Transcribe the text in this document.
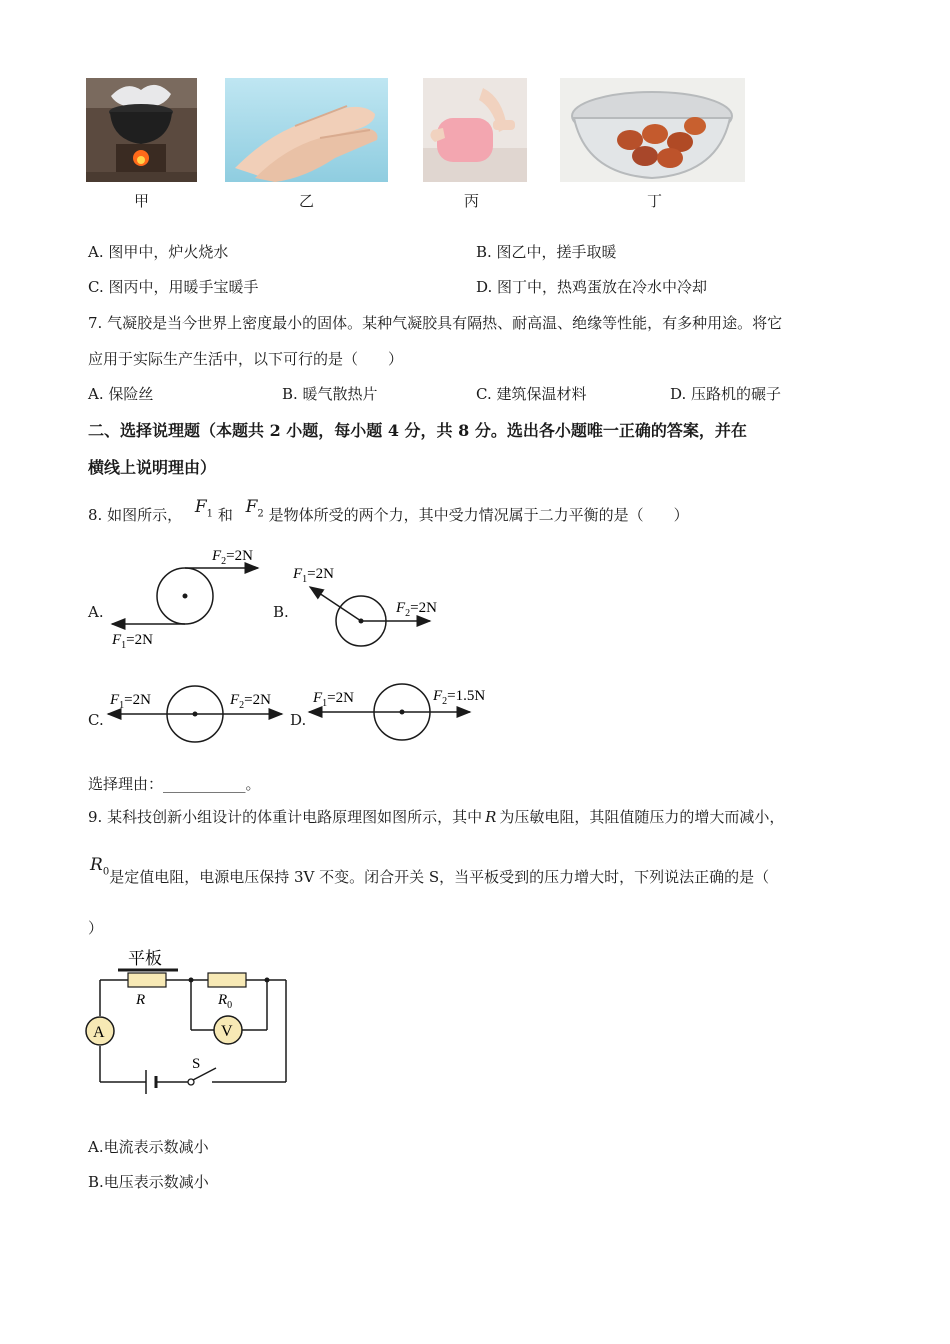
甲	乙	丙	丁
A. 图甲中，炉火烧水	B. 图乙中，搓手取暖
C. 图丙中，用暖手宝暖手	D. 图丁中，热鸡蛋放在冷水中冷却
7. 气凝胶是当今世界上密度最小的固体。某种气凝胶具有隔热、耐高温、绝缘等性能，有多种用途。将它
应用于实际生产生活中，以下可行的是（　　）
A. 保险丝	B. 暖气散热片	C. 建筑保温材料	D. 压路机的碾子
二、选择说理题（本题共 2 小题，每小题 4 分，共 8 分。选出各小题唯一正确的答案，并在
横线上说明理由）
8. 如图所示， $F_1$ 和 $F_2$ 是物体所受的两个力，其中受力情况属于二力平衡的是（　　）
A.
$F_2=2N$
$F_1=2N$
B.
$F_1=2N$
$F_2=2N$
C.
$F_1=2N$	$F_2=2N$
D.
$F_1=2N$	$F_2=1.5N$
选择理由：___________。
9. 某科技创新小组设计的体重计电路原理图如图所示，其中 R 为压敏电阻，其阻值随压力的增大而减小，
$R_0$是定值电阻，电源电压保持 3V 不变。闭合开关 S，当平板受到的压力增大时，下列说法正确的是（
）
平板
R	$R_0$
V
A
S
A.电流表示数减小
B.电压表示数减小
